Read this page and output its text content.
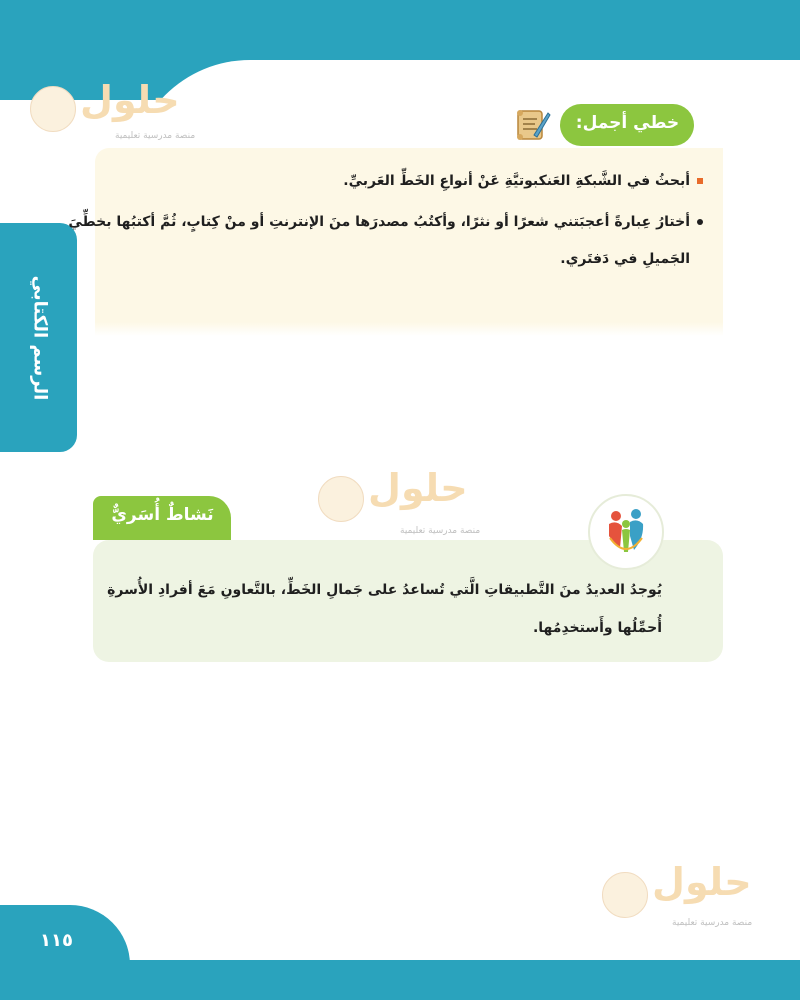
• • • • •
١١٥
الرسم الكتابي
حلول
منصة مدرسية تعليمية
حلول
منصة مدرسية تعليمية
حلول
منصة مدرسية تعليمية
خطي أجمل:
أبحثُ في الشَّبكةِ العَنكبوتيَّةِ عَنْ أنواعِ الخَطِّ العَربيِّ.
أختارُ عِبارةً أعجبَتني شعرًا أو نثرًا، وأكتُبُ مصدرَها منَ الإنترنتِ أو منْ كِتابٍ، ثُمَّ أكتبُها بخطِّيَ
الجَميلِ في دَفتَري.
نَشاطٌ أُسَريٌّ
يُوجدُ العديدُ منَ التَّطبيقاتِ الَّتي تُساعدُ على جَمالِ الخَطِّ، بالتَّعاونِ مَعَ أفرادِ الأُسرةِ
أُحمِّلُها وأَستخدِمُها.
